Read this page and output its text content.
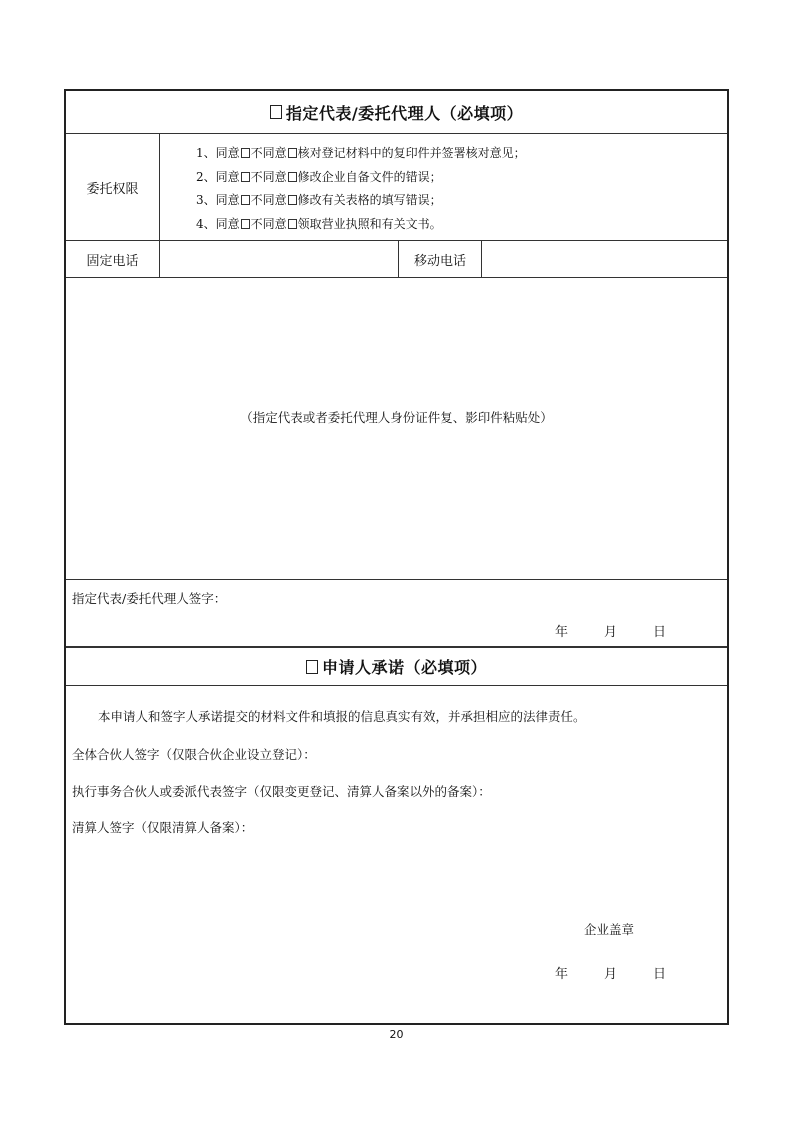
指定代表/委托代理人（必填项）
委托权限
1、同意 不同意 核对登记材料中的复印件并签署核对意见；
2、同意 不同意 修改企业自备文件的错误；
3、同意 不同意 修改有关表格的填写错误；
4、同意 不同意 领取营业执照和有关文书。
固定电话	移动电话
（指定代表或者委托代理人身份证件复、影印件粘贴处）
指定代表/委托代理人签字：
年	月	日
申请人承诺（必填项）
本申请人和签字人承诺提交的材料文件和填报的信息真实有效，并承担相应的法律责任。
全体合伙人签字（仅限合伙企业设立登记）：
执行事务合伙人或委派代表签字（仅限变更登记、清算人备案以外的备案）：
清算人签字（仅限清算人备案）：
企业盖章
年	月	日
20
